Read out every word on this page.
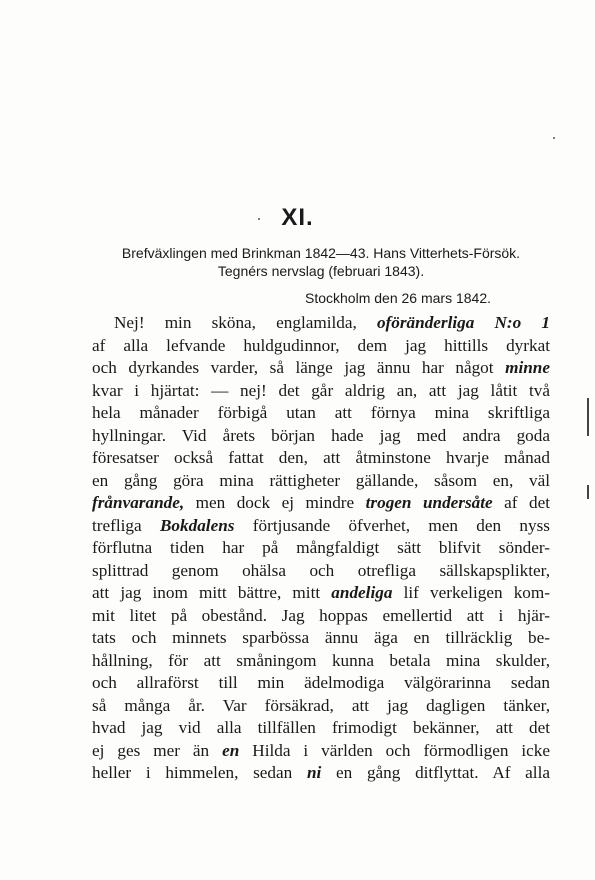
XI.
Brefväxlingen med Brinkman 1842—43. Hans Vitterhets-Försök.
Tegnérs nervslag (februari 1843).
Stockholm den 26 mars 1842.
Nej! min sköna, englamilda, oföränderliga N:o 1
af alla lefvande huldgudinnor, dem jag hittills dyrkat
och dyrkandes varder, så länge jag ännu har något minne
kvar i hjärtat: — nej! det går aldrig an, att jag låtit två
hela månader förbigå utan att förnya mina skriftliga
hyllningar. Vid årets början hade jag med andra goda
föresatser också fattat den, att åtminstone hvarje månad
en gång göra mina rättigheter gällande, såsom en, väl
frånvarande, men dock ej mindre trogen undersåte af det
trefliga Bokdalens förtjusande öfverhet, men den nyss
förflutna tiden har på mångfaldigt sätt blifvit sönder-
splittrad genom ohälsa och otrefliga sällskapsplikter,
att jag inom mitt bättre, mitt andeliga lif verkeligen kom-
mit litet på obestånd. Jag hoppas emellertid att i hjär-
tats och minnets sparbössa ännu äga en tillräcklig be-
hållning, för att småningom kunna betala mina skulder,
och allraförst till min ädelmodiga välgörarinna sedan
så många år. Var försäkrad, att jag dagligen tänker,
hvad jag vid alla tillfällen frimodigt bekänner, att det
ej ges mer än en Hilda i världen och förmodligen icke
heller i himmelen, sedan ni en gång ditflyttat. Af alla
